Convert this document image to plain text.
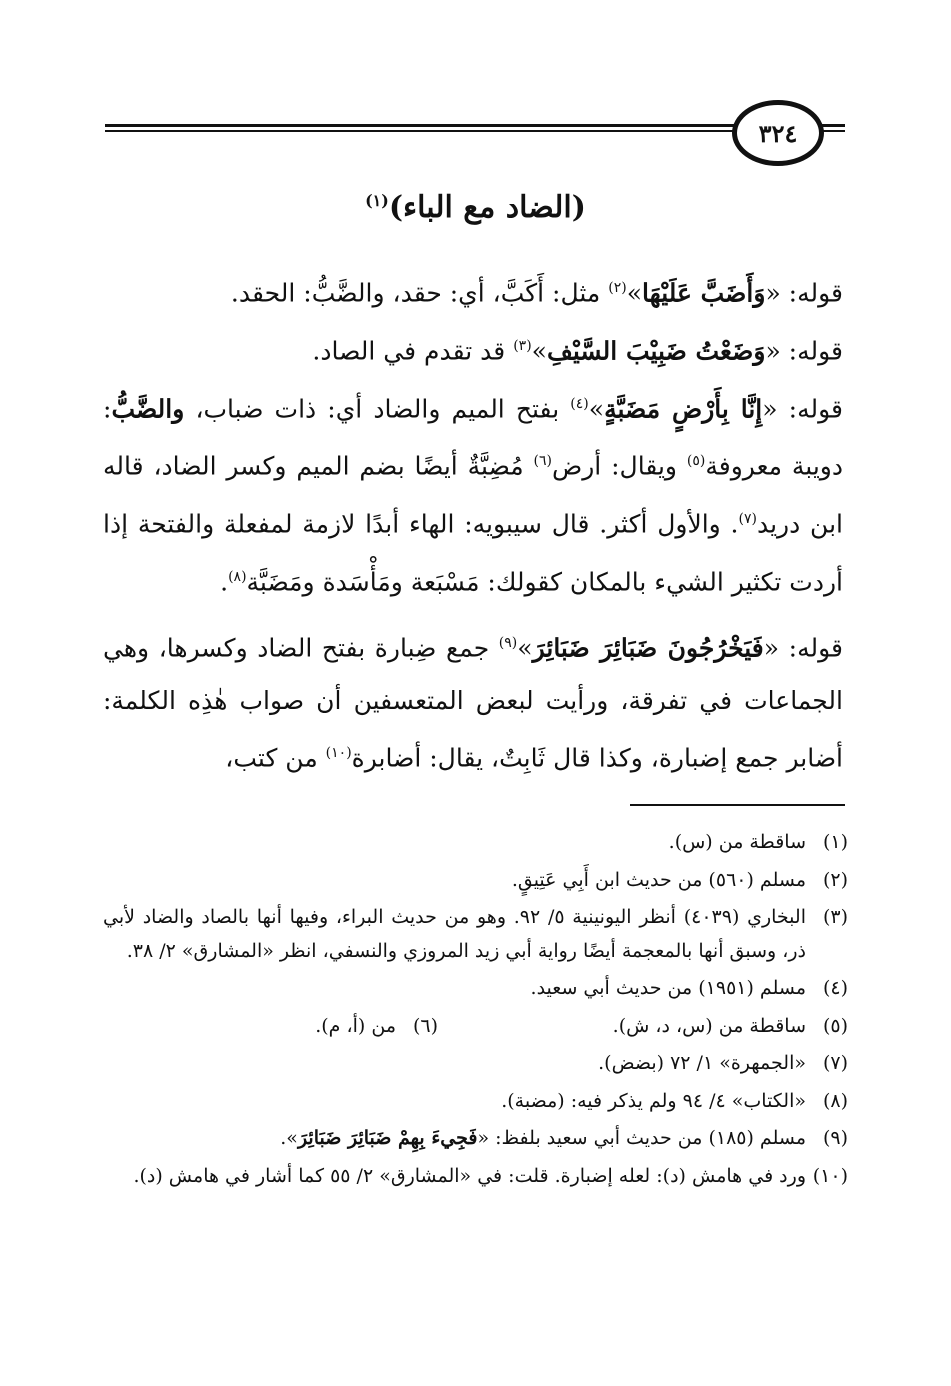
٣٢٤
(الضاد مع الباء)$^{(١)}$

قوله: «وَأَضَبَّ عَلَيْهَا»$^{(٢)}$ مثل: أَكَبَّ، أي: حقد، والضَّبُّ: الحقد.

قوله: «وَضَعْتُ ضَبِيْبَ السَّيْفِ»$^{(٣)}$ قد تقدم في الصاد.

قوله: «إِنَّا بِأَرْضٍ مَضَبَّةٍ»$^{(٤)}$ بفتح الميم والضاد أي: ذات ضباب، والضَّبُّ: دويبة معروفة$^{(٥)}$ ويقال: أرض$^{(٦)}$ مُضِبَّةٌ أيضًا بضم الميم وكسر الضاد، قاله ابن دريد$^{(٧)}$. والأول أكثر. قال سيبويه: الهاء أبدًا لازمة لمفعلة والفتحة إذا أردت تكثير الشيء بالمكان كقولك: مَسْبَعة ومَأْسَدة ومَضَبَّة$^{(٨)}$.

قوله: «فَيَخْرُجُونَ ضَبَائِرَ ضَبَائِرَ»$^{(٩)}$ جمع ضِبارة بفتح الضاد وكسرها، وهي الجماعات في تفرقة، ورأيت لبعض المتعسفين أن صواب هٰذِه الكلمة: أضابر جمع إضبارة، وكذا قال ثَابِتٌ، يقال: أضابرة$^{(١٠)}$ من كتب،

(١)
ساقطة من (س).
(٢)
مسلم (٥٦٠) من حديث ابن أَبِي عَتِيقٍ.
(٣)
البخاري (٤٠٣٩) أنظر اليونينية ٥/ ٩٢. وهو من حديث البراء، وفيها أنها بالصاد والضاد لأبي ذر، وسبق أنها بالمعجمة أيضًا رواية أبي زيد المروزي والنسفي، انظر «المشارق» ٢/ ٣٨.
(٤)
مسلم (١٩٥١) من حديث أبي سعيد.
(٥)
ساقطة من (س، د، ش).
(٦)
من (أ، م).
(٧)
«الجمهرة» ١/ ٧٢ (بضض).
(٨)
«الكتاب» ٤/ ٩٤ ولم يذكر فيه: (مضبة).
(٩)
مسلم (١٨٥) من حديث أبي سعيد بلفظ: «فَجِيءَ بِهِمْ ضَبَائِرَ ضَبَائِرَ».
(١٠)
ورد في هامش (د): لعله إضبارة. قلت: في «المشارق» ٢/ ٥٥ كما أشار في هامش (د).
